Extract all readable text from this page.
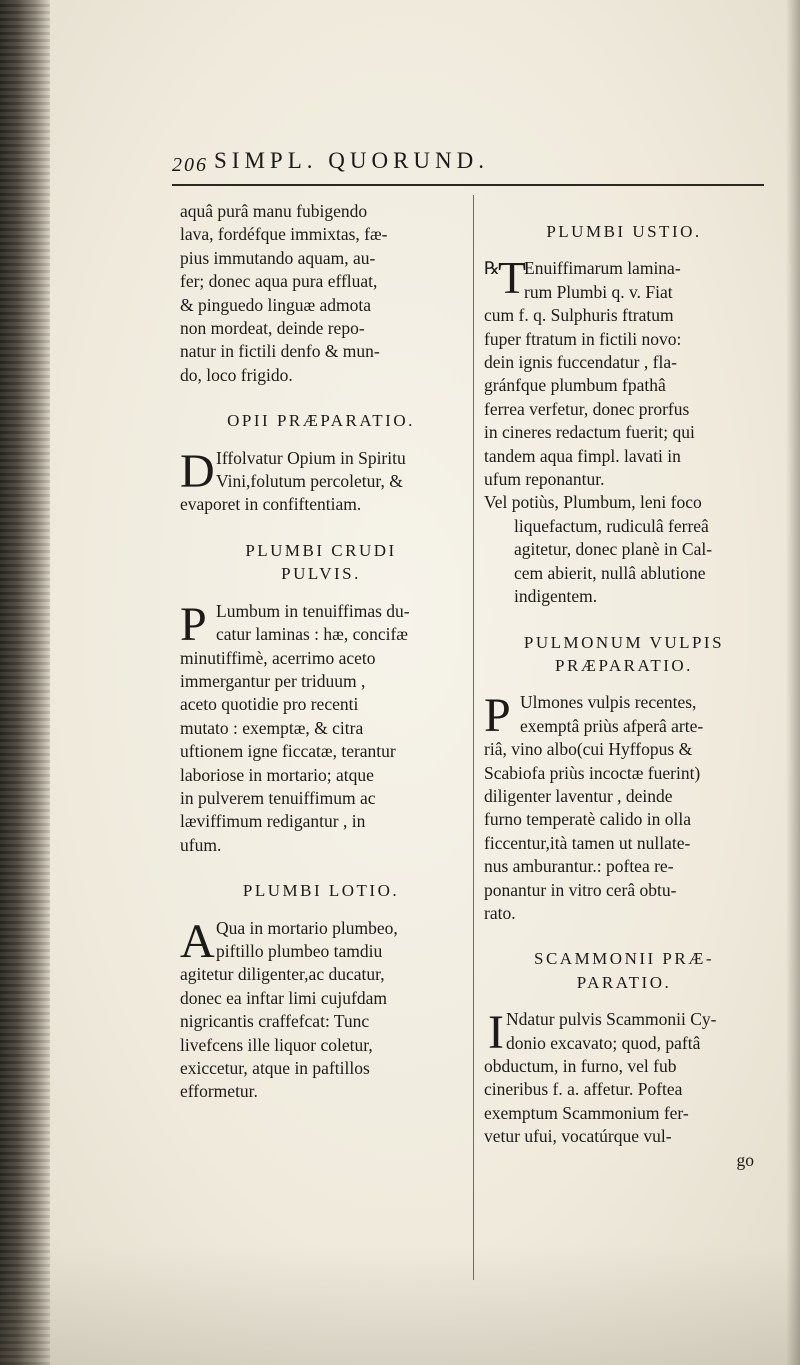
206 SIMPL. QUORUND.
aquâ purâ manu fubigendo
lava, fordéfque immixtas, fæ-
pius immutando aquam, au-
fer; donec aqua pura effluat,
& pinguedo linguæ admota
non mordeat, deinde repo-
natur in fictili denfo & mun-
do, loco frigido.
OPII PRÆPARATIO.
D Iffolvatur Opium in Spiritu
Vini,folutum percoletur, &
evaporet in confiftentiam.
PLUMBI CRUDI
PULVIS.
P Lumbum in tenuiffimas du-
catur laminas : hæ, concifæ
minutiffimè, acerrimo aceto
immergantur per triduum ,
aceto quotidie pro recenti
mutato : exemptæ, & citra
uftionem igne ficcatæ, terantur
laboriose in mortario; atque
in pulverem tenuiffimum ac
læviffimum redigantur , in
ufum.
PLUMBI LOTIO.
A Qua in mortario plumbeo,
piftillo plumbeo tamdiu
agitetur diligenter,ac ducatur,
donec ea inftar limi cujufdam
nigricantis craffefcat: Tunc
livefcens ille liquor coletur,
exiccetur, atque in paftillos
efformetur.
PLUMBI USTIO.
℞
T
Enuiffimarum lamina-
rum Plumbi q. v. Fiat
cum f. q. Sulphuris ftratum
fuper ftratum in fictili novo:
dein ignis fuccendatur , fla-
gránfque plumbum fpathâ
ferrea verfetur, donec prorfus
in cineres redactum fuerit; qui
tandem aqua fimpl. lavati in
ufum reponantur.
Vel potiùs, Plumbum, leni foco
liquefactum, rudiculâ ferreâ
agitetur, donec planè in Cal-
cem abierit, nullâ ablutione
indigentem.
PULMONUM VULPIS
PRÆPARATIO.
P Ulmones vulpis recentes,
exemptâ priùs afperâ arte-
riâ, vino albo(cui Hyffopus &
Scabiofa priùs incoctæ fuerint)
diligenter laventur , deinde
furno temperatè calido in olla
ficcentur,ità tamen ut nullate-
nus amburantur.: poftea re-
ponantur in vitro cerâ obtu-
rato.
SCAMMONII PRÆ-
PARATIO.
I Ndatur pulvis Scammonii Cy-
donio excavato; quod, paftâ
obductum, in furno, vel fub
cineribus f. a. affetur. Poftea
exemptum Scammonium fer-
vetur ufui, vocatúrque vul-
go
